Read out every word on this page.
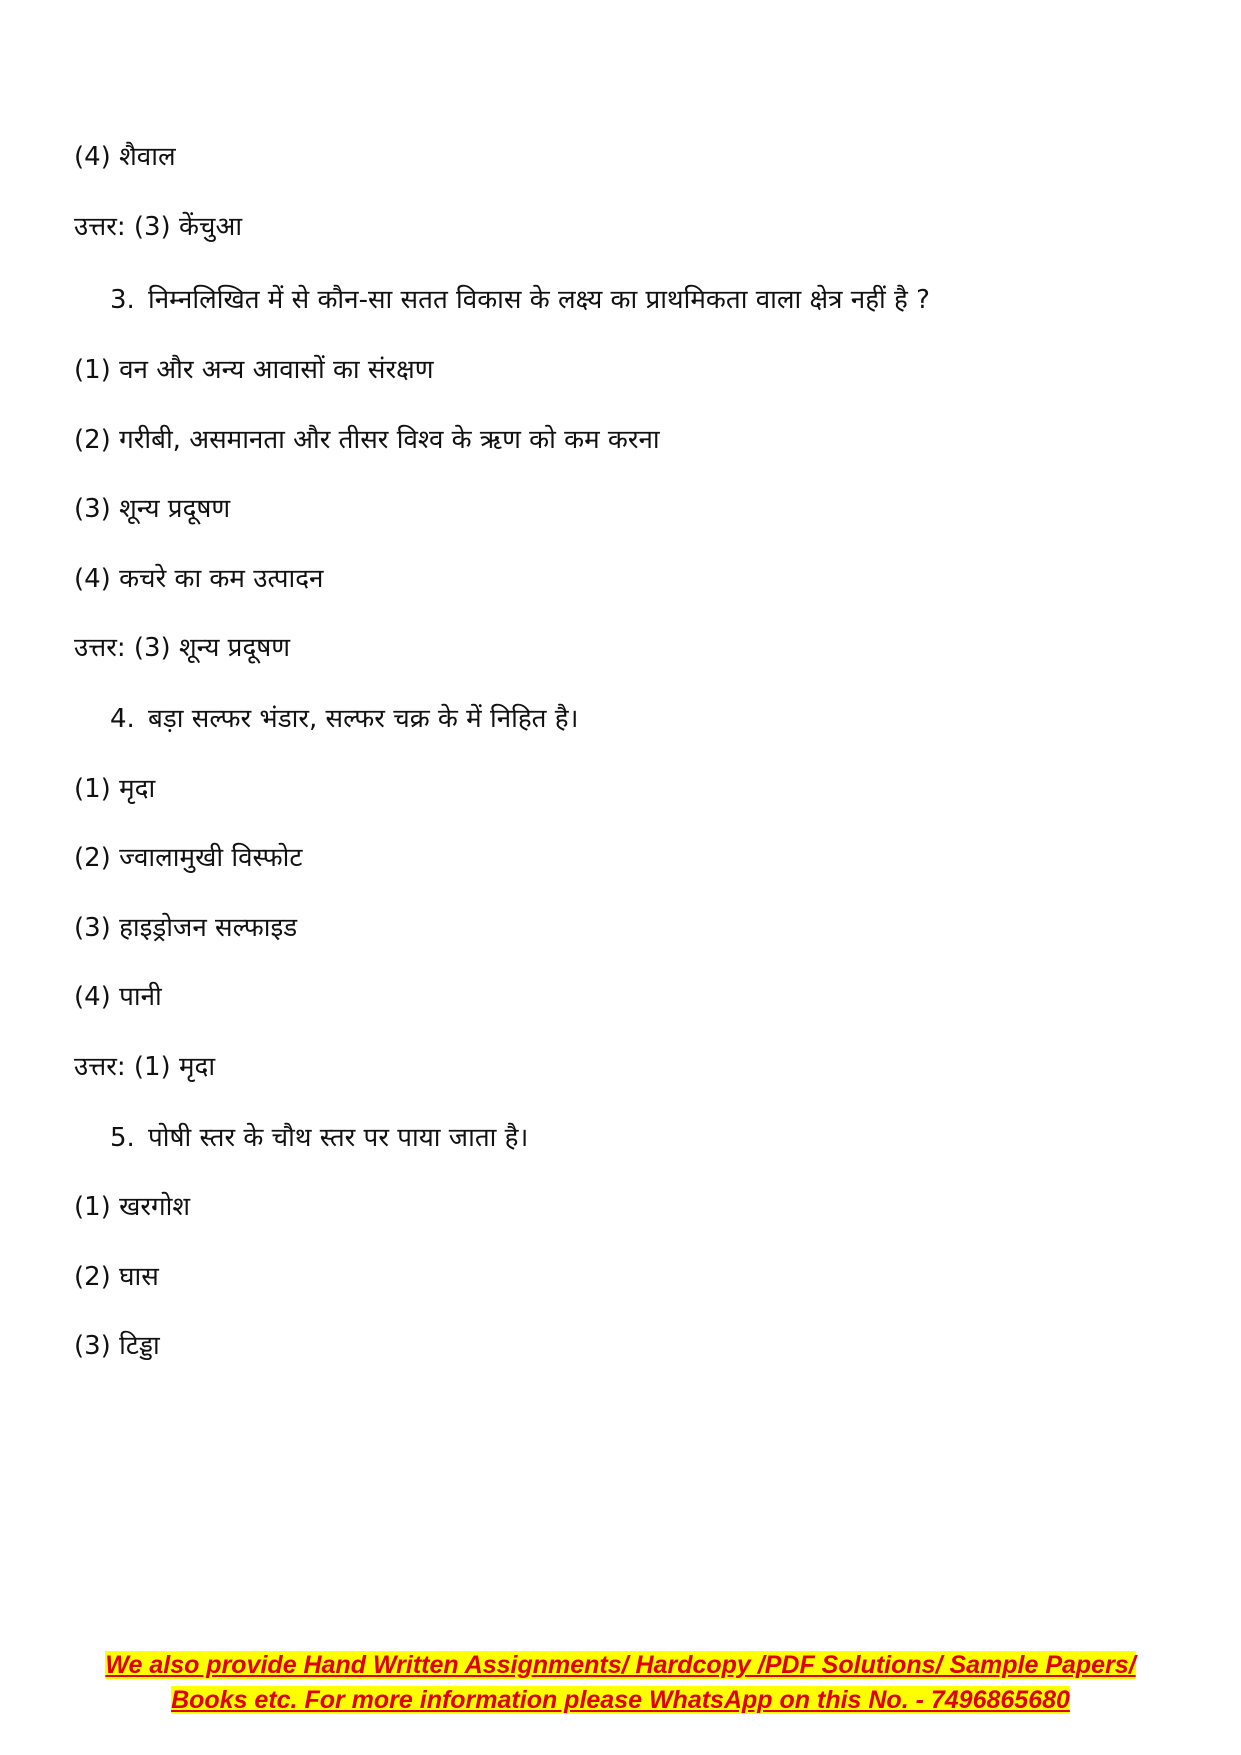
(4) शैवाल
उत्तर: (3) केंचुआ
3. निम्नलिखित में से कौन-सा सतत विकास के लक्ष्य का प्राथमिकता वाला क्षेत्र नहीं है ?
(1) वन और अन्य आवासों का संरक्षण
(2) गरीबी, असमानता और तीसर विश्व के ऋण को कम करना
(3) शून्य प्रदूषण
(4) कचरे का कम उत्पादन
उत्तर: (3) शून्य प्रदूषण
4. बड़ा सल्फर भंडार, सल्फर चक्र के में निहित है।
(1) मृदा
(2) ज्वालामुखी विस्फोट
(3) हाइड्रोजन सल्फाइड
(4) पानी
उत्तर: (1) मृदा
5. पोषी स्तर के चौथ स्तर पर पाया जाता है।
(1) खरगोश
(2) घास
(3) टिड्डा
We also provide Hand Written Assignments/ Hardcopy /PDF Solutions/ Sample Papers/
Books etc. For more information please WhatsApp on this No. - 7496865680
